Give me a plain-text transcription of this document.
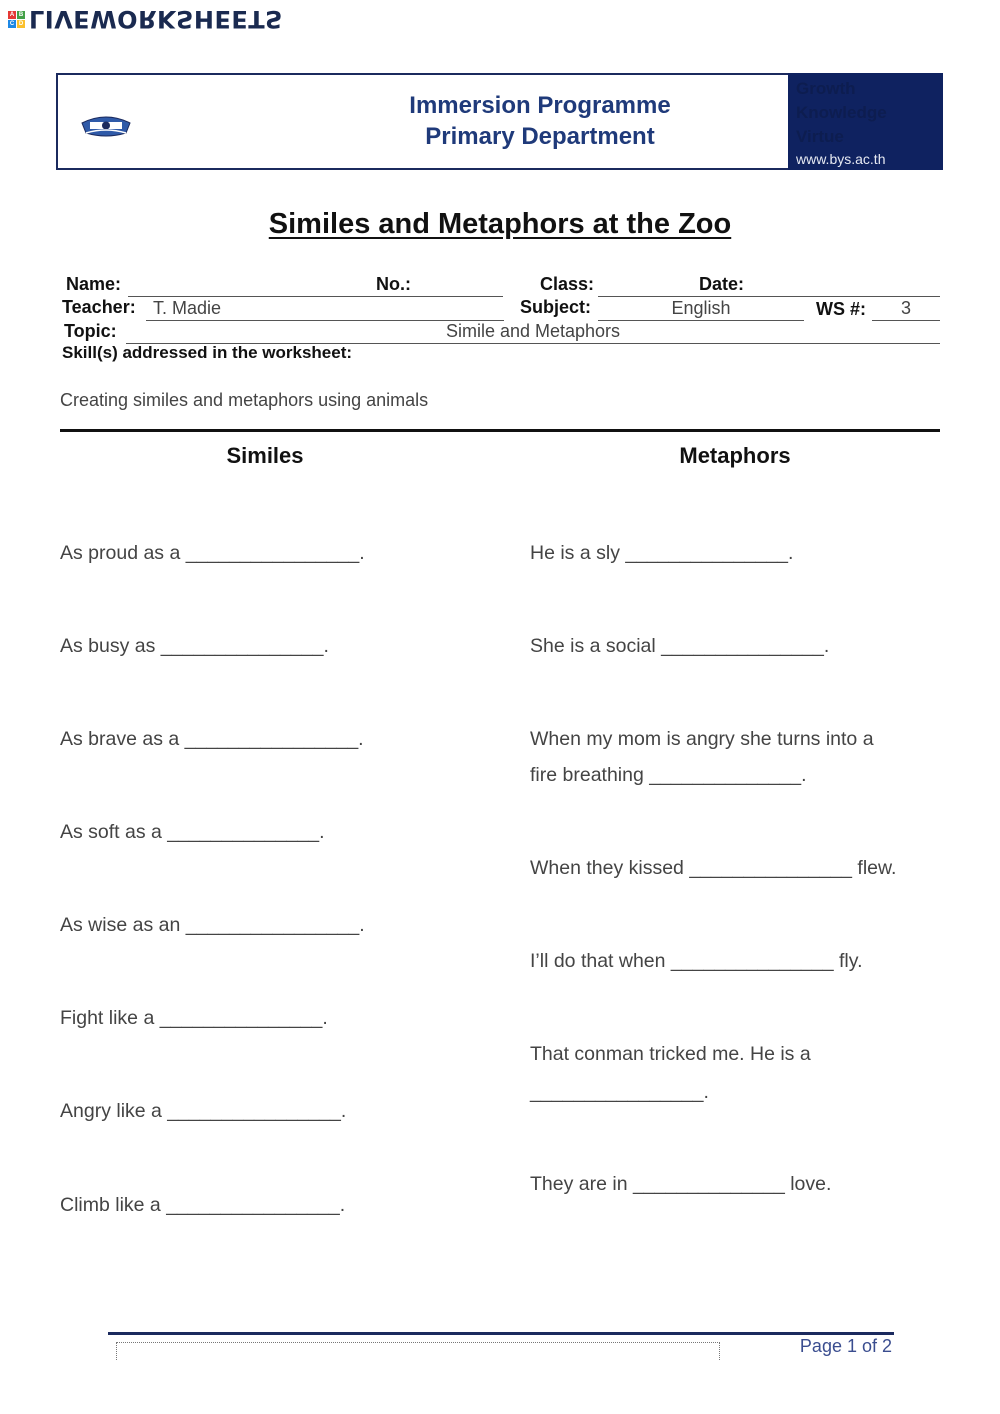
A B
C D LIVEWORKSHEETS
Immersion Programme
Primary Department
Growth
Knowledge
Virtue
www.bys.ac.th
Similes and Metaphors at the Zoo
Name:	No.:	Class:	Date:
Teacher: T. Madie	Subject:	English	WS #:	3
Topic:	Simile and Metaphors
Skill(s) addressed in the worksheet:
Creating similes and metaphors using animals
Similes	Metaphors
As proud as a ________________.
As busy as _______________.
As brave as a ________________.
As soft as a ______________.
As wise as an ________________.
Fight like a _______________.
Angry like a ________________.
Climb like a ________________.
He is a sly _______________.
She is a social _______________.
When my mom is angry she turns into a
fire breathing ______________.
When they kissed _______________ flew.
I’ll do that when _______________ fly.
That conman tricked me. He is a
________________.
They are in ______________ love.
Page 1 of 2
